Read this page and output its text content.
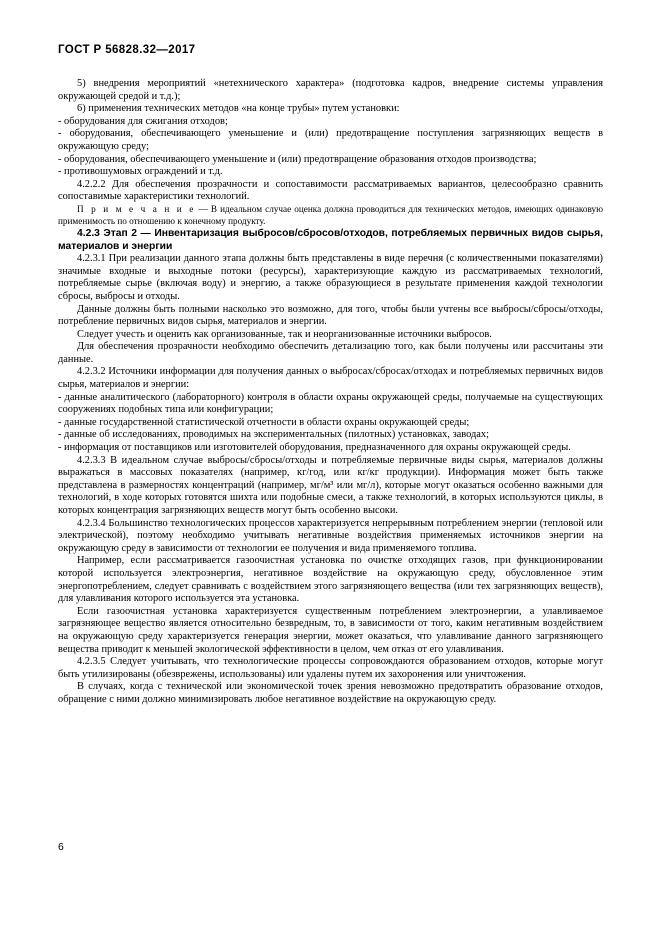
ГОСТ Р 56828.32—2017

5) внедрения мероприятий «нетехнического характера» (подготовка кадров, внедрение системы управления окружающей средой и т.д.);

6) применения технических методов «на конце трубы» путем установки:

- оборудования для сжигания отходов;

- оборудования, обеспечивающего уменьшение и (или) предотвращение поступления загрязняющих веществ в окружающую среду;

- оборудования, обеспечивающего уменьшение и (или) предотвращение образования отходов производства;

- противошумовых ограждений и т.д.

4.2.2.2 Для обеспечения прозрачности и сопоставимости рассматриваемых вариантов, целесообразно сравнить сопоставимые характеристики технологий.

П р и м е ч а н и е — В идеальном случае оценка должна проводиться для технических методов, имеющих одинаковую применимость по отношению к конечному продукту.

4.2.3 Этап 2 — Инвентаризация выбросов/сбросов/отходов, потребляемых первичных видов сырья, материалов и энергии

4.2.3.1 При реализации данного этапа должны быть представлены в виде перечня (с количественными показателями) значимые входные и выходные потоки (ресурсы), характеризующие каждую из рассматриваемых технологий, потребляемые сырье (включая воду) и энергию, а также образующиеся в результате применения каждой технологии сбросы, выбросы и отходы.

Данные должны быть полными насколько это возможно, для того, чтобы были учтены все выбросы/сбросы/отходы, потребление первичных видов сырья, материалов и энергии.

Следует учесть и оценить как организованные, так и неорганизованные источники выбросов.

Для обеспечения прозрачности необходимо обеспечить детализацию того, как были получены или рассчитаны эти данные.

4.2.3.2 Источники информации для получения данных о выбросах/сбросах/отходах и потребляемых первичных видов сырья, материалов и энергии:

- данные аналитического (лабораторного) контроля в области охраны окружающей среды, получаемые на существующих сооружениях подобных типа или конфигурации;

- данные государственной статистической отчетности в области охраны окружающей среды;

- данные об исследованиях, проводимых на экспериментальных (пилотных) установках, заводах;

- информация от поставщиков или изготовителей оборудования, предназначенного для охраны окружающей среды.

4.2.3.3 В идеальном случае выбросы/сбросы/отходы и потребляемые первичные виды сырья, материалов должны выражаться в массовых показателях (например, кг/год, или кг/кг продукции). Информация может быть также представлена в размерностях концентраций (например, мг/м³ или мг/л), которые могут оказаться особенно важными для технологий, в ходе которых готовятся шихта или подобные смеси, а также технологий, в которых используются циклы, в которых концентрация загрязняющих веществ могут быть особенно высоки.

4.2.3.4 Большинство технологических процессов характеризуется непрерывным потреблением энергии (тепловой или электрической), поэтому необходимо учитывать негативные воздействия применяемых источников энергии на окружающую среду в зависимости от технологии ее получения и вида применяемого топлива.

Например, если рассматривается газоочистная установка по очистке отходящих газов, при функционировании которой используется электроэнергия, негативное воздействие на окружающую среду, обусловленное этим энергопотреблением, следует сравнивать с воздействием этого загрязняющего вещества (или тех загрязняющих веществ), для улавливания которого используется эта установка.

Если газоочистная установка характеризуется существенным потреблением электроэнергии, а улавливаемое загрязняющее вещество является относительно безвредным, то, в зависимости от того, каким негативным воздействием на окружающую среду характеризуется генерация энергии, может оказаться, что улавливание данного загрязняющего вещества приводит к меньшей экологической эффективности в целом, чем отказ от его улавливания.

4.2.3.5 Следует учитывать, что технологические процессы сопровождаются образованием отходов, которые могут быть утилизированы (обезврежены, использованы) или удалены путем их захоронения или уничтожения.

В случаях, когда с технической или экономической точек зрения невозможно предотвратить образование отходов, обращение с ними должно минимизировать любое негативное воздействие на окружающую среду.

6
